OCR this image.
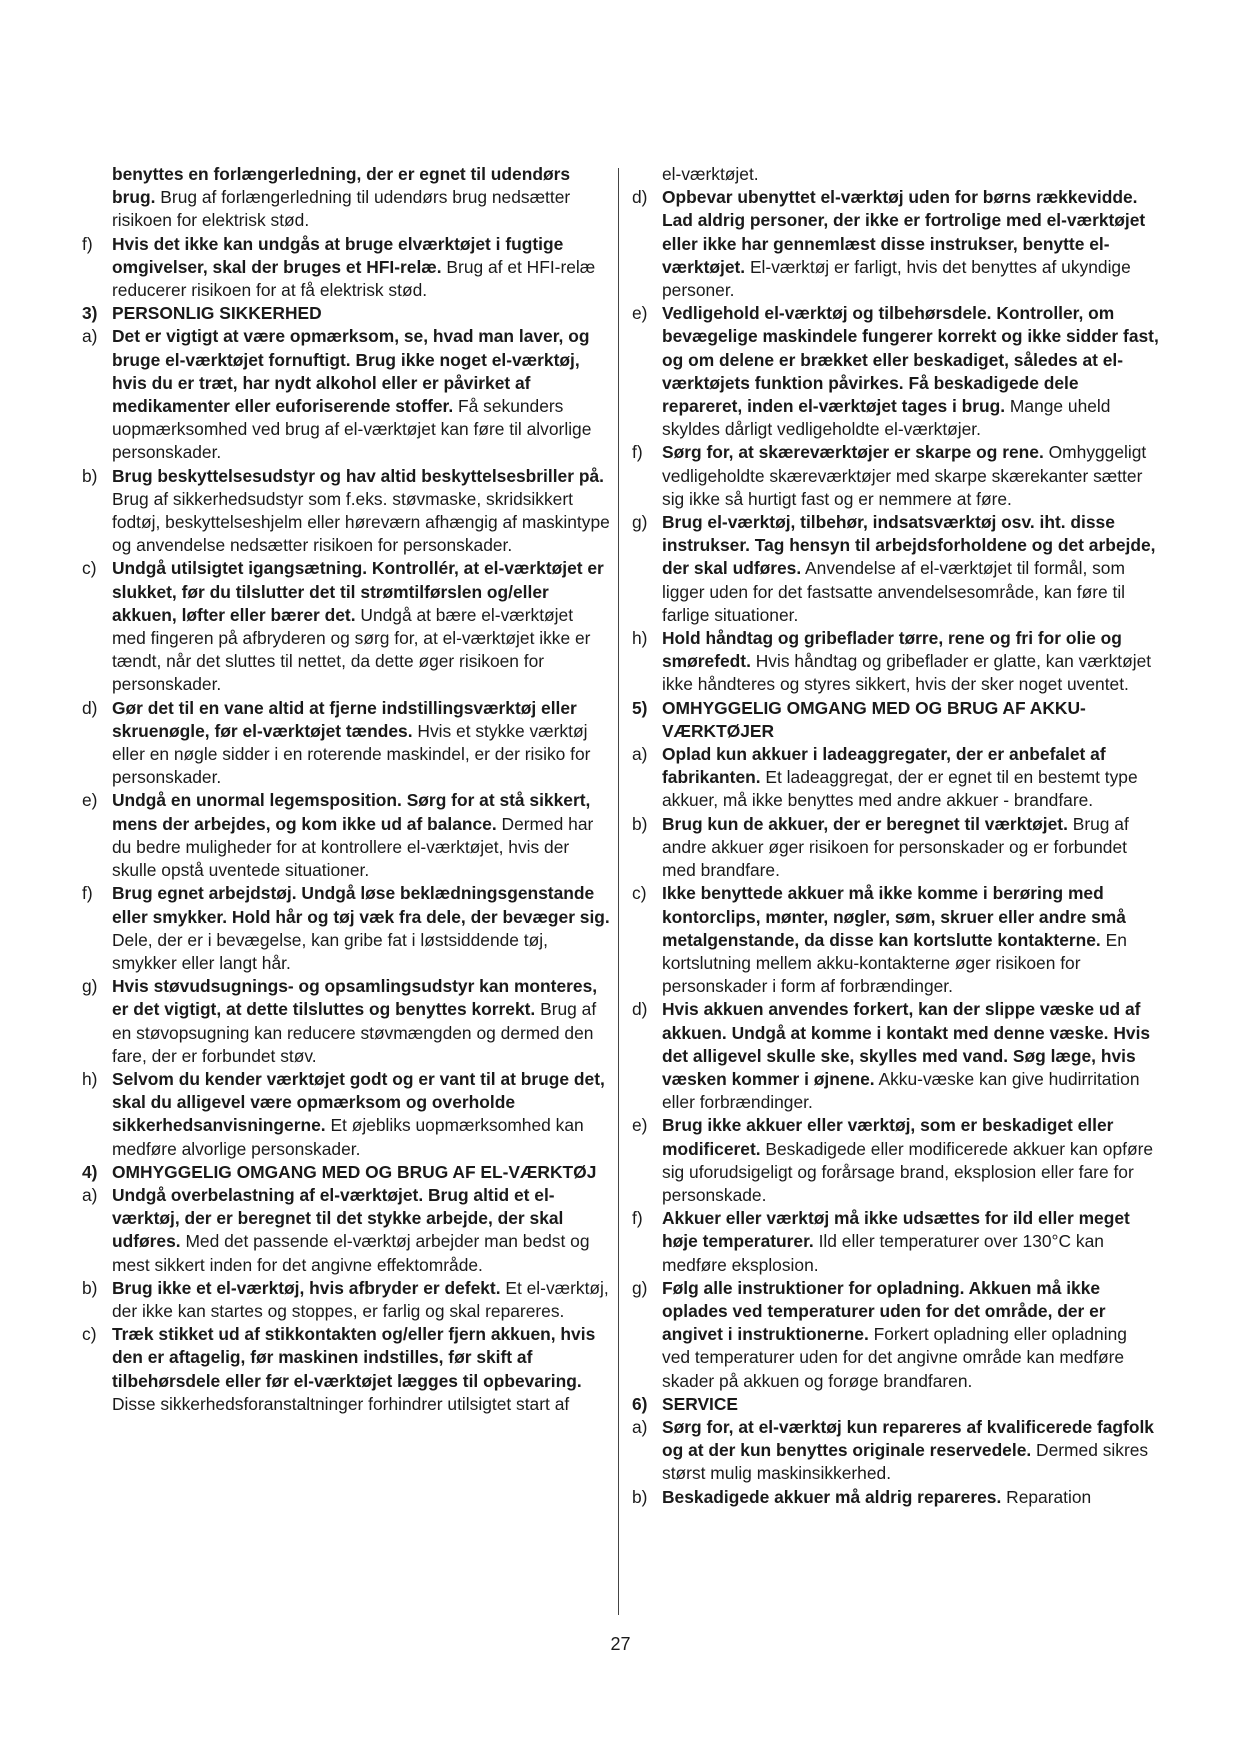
benyttes en forlængerledning, der er egnet til udendørs brug. Brug af forlængerledning til udendørs brug nedsætter risikoen for elektrisk stød.
f) Hvis det ikke kan undgås at bruge elværktøjet i fugtige omgivelser, skal der bruges et HFI-relæ. Brug af et HFI-relæ reducerer risikoen for at få elektrisk stød.
3) PERSONLIG SIKKERHED
a) Det er vigtigt at være opmærksom, se, hvad man laver, og bruge el-værktøjet fornuftigt. Brug ikke noget el-værktøj, hvis du er træt, har nydt alkohol eller er påvirket af medikamenter eller euforiserende stoffer. Få sekunders uopmærksomhed ved brug af el-værktøjet kan føre til alvorlige personskader.
b) Brug beskyttelsesudstyr og hav altid beskyttelsesbriller på. Brug af sikkerhedsudstyr som f.eks. støvmaske, skridsikkert fodtøj, beskyttelseshjelm eller høreværn afhængig af maskintype og anvendelse nedsætter risikoen for personskader.
c) Undgå utilsigtet igangsætning. Kontrollér, at el-værktøjet er slukket, før du tilslutter det til strømtilførslen og/eller akkuen, løfter eller bærer det. Undgå at bære el-værktøjet med fingeren på afbryderen og sørg for, at el-værktøjet ikke er tændt, når det sluttes til nettet, da dette øger risikoen for personskader.
d) Gør det til en vane altid at fjerne indstillingsværktøj eller skruenøgle, før el-værktøjet tændes. Hvis et stykke værktøj eller en nøgle sidder i en roterende maskindel, er der risiko for personskader.
e) Undgå en unormal legemsposition. Sørg for at stå sikkert, mens der arbejdes, og kom ikke ud af balance. Dermed har du bedre muligheder for at kontrollere el-værktøjet, hvis der skulle opstå uventede situationer.
f) Brug egnet arbejdstøj. Undgå løse beklædningsgenstande eller smykker. Hold hår og tøj væk fra dele, der bevæger sig. Dele, der er i bevægelse, kan gribe fat i løstsiddende tøj, smykker eller langt hår.
g) Hvis støvudsugnings- og opsamlingsudstyr kan monteres, er det vigtigt, at dette tilsluttes og benyttes korrekt. Brug af en støvopsugning kan reducere støvmængden og dermed den fare, der er forbundet støv.
h) Selvom du kender værktøjet godt og er vant til at bruge det, skal du alligevel være opmærksom og overholde sikkerhedsanvisningerne. Et øjebliks uopmærksomhed kan medføre alvorlige personskader.
4) OMHYGGELIG OMGANG MED OG BRUG AF EL-VÆRKTØJ
a) Undgå overbelastning af el-værktøjet. Brug altid et el-værktøj, der er beregnet til det stykke arbejde, der skal udføres. Med det passende el-værktøj arbejder man bedst og mest sikkert inden for det angivne effektområde.
b) Brug ikke et el-værktøj, hvis afbryder er defekt. Et el-værktøj, der ikke kan startes og stoppes, er farlig og skal repareres.
c) Træk stikket ud af stikkontakten og/eller fjern akkuen, hvis den er aftagelig, før maskinen indstilles, før skift af tilbehørsdele eller før el-værktøjet lægges til opbevaring. Disse sikkerhedsforanstaltninger forhindrer utilsigtet start af
el-værktøjet.
d) Opbevar ubenyttet el-værktøj uden for børns rækkevidde. Lad aldrig personer, der ikke er fortrolige med el-værktøjet eller ikke har gennemlæst disse instrukser, benytte el-værktøjet. El-værktøj er farligt, hvis det benyttes af ukyndige personer.
e) Vedligehold el-værktøj og tilbehørsdele. Kontroller, om bevægelige maskindele fungerer korrekt og ikke sidder fast, og om delene er brækket eller beskadiget, således at el-værktøjets funktion påvirkes. Få beskadigede dele repareret, inden el-værktøjet tages i brug. Mange uheld skyldes dårligt vedligeholdte el-værktøjer.
f) Sørg for, at skæreværktøjer er skarpe og rene. Omhyggeligt vedligeholdte skæreværktøjer med skarpe skærekanter sætter sig ikke så hurtigt fast og er nemmere at føre.
g) Brug el-værktøj, tilbehør, indsatsværktøj osv. iht. disse instrukser. Tag hensyn til arbejdsforholdene og det arbejde, der skal udføres. Anvendelse af el-værktøjet til formål, som ligger uden for det fastsatte anvendelsesområde, kan føre til farlige situationer.
h) Hold håndtag og gribeflader tørre, rene og fri for olie og smørefedt. Hvis håndtag og gribeflader er glatte, kan værktøjet ikke håndteres og styres sikkert, hvis der sker noget uventet.
5) OMHYGGELIG OMGANG MED OG BRUG AF AKKU-VÆRKTØJER
a) Oplad kun akkuer i ladeaggregater, der er anbefalet af fabrikanten. Et ladeaggregat, der er egnet til en bestemt type akkuer, må ikke benyttes med andre akkuer - brandfare.
b) Brug kun de akkuer, der er beregnet til værktøjet. Brug af andre akkuer øger risikoen for personskader og er forbundet med brandfare.
c) Ikke benyttede akkuer må ikke komme i berøring med kontorclips, mønter, nøgler, søm, skruer eller andre små metalgenstande, da disse kan kortslutte kontakterne. En kortslutning mellem akku-kontakterne øger risikoen for personskader i form af forbrændinger.
d) Hvis akkuen anvendes forkert, kan der slippe væske ud af akkuen. Undgå at komme i kontakt med denne væske. Hvis det alligevel skulle ske, skylles med vand. Søg læge, hvis væsken kommer i øjnene. Akku-væske kan give hudirritation eller forbrændinger.
e) Brug ikke akkuer eller værktøj, som er beskadiget eller modificeret. Beskadigede eller modificerede akkuer kan opføre sig uforudsigeligt og forårsage brand, eksplosion eller fare for personskade.
f) Akkuer eller værktøj må ikke udsættes for ild eller meget høje temperaturer. Ild eller temperaturer over 130°C kan medføre eksplosion.
g) Følg alle instruktioner for opladning. Akkuen må ikke oplades ved temperaturer uden for det område, der er angivet i instruktionerne. Forkert opladning eller opladning ved temperaturer uden for det angivne område kan medføre skader på akkuen og forøge brandfaren.
6) SERVICE
a) Sørg for, at el-værktøj kun repareres af kvalificerede fagfolk og at der kun benyttes originale reservedele. Dermed sikres størst mulig maskinsikkerhed.
b) Beskadigede akkuer må aldrig repareres. Reparation
27
